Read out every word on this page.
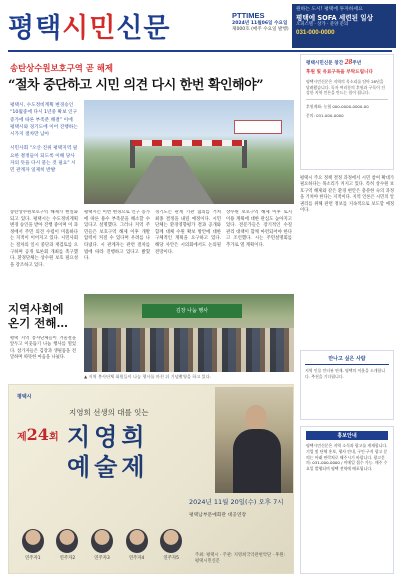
평택시민신문	PTTIMES
2024년 11월06일 수요일
제000호 (매주 수요일 발행)
원하는 도시! 평택에 투자하세요
평택에 SOFA 세련된 일상
오피스텔 · 상가 · 분양 문의
031-000-0000
송탄상수원보호구역 곧 해제
“절차 중단하고 시민 의견 다시 한번 확인해야”

평택시, 수도정비계획 변경승인 “10월중에 다시 1년중 확보 인구증가에 따른 부족분 해결” 이에 평택시와 경기도에 이어 진행하는 시가지 절차만 남아

시민사회 “오산·진위 평택지역 필요한 결정들이 되도록 이해 당사자의 뜻을 다시 묻는 것 필요” 시민 관계자 일제히 반발

송탄상수원보호구역 해제가 현실화되고 있다. 평택시는 수도정비계획 변경 승인을 받아 진행 중이며 이 과정에서 주민 의견 수렴이 미흡하다는 지적이 이어지고 있다. 시민사회는 절차의 일시 중단과 재검토를 요구하며 공개 토론회 개최를 촉구했다. 환경단체는 상수원 보호 필요성을 강조하고 있다.
평택시는 이번 변경으로 인구 증가에 따른 용수 부족분을 해소할 수 있다고 설명했다. 그러나 지역 주민들은 보호구역 해제 이후 개발 압력이 커질 수 있다며 우려를 나타냈다. 시 관계자는 관련 절차를 법에 따라 진행하고 있다고 밝혔다.
경기도는 관계 기관 협의를 거쳐 최종 결정을 내릴 예정이다. 시민단체는 환경영향평가 결과 공개와 함께 대체 수원 확보 방안에 대한 구체적인 계획을 요구하고 있다. 해당 사안은 시의회에서도 논의될 전망이다.
상수원 보호구역 해제 이후 토지 이용 계획에 대한 관심도 높아지고 있다. 전문가들은 장기적인 수질 관리 대책이 함께 마련되어야 한다고 조언했다. 시는 주민설명회를 추가로 열 계획이다.
평택시민신문 창간 28주년
후원 및 유료구독을 부탁드립니다
평택시민신문은 지역의 목소리를 담아 28년을 달려왔습니다. 독자 여러분의 후원과 구독이 건강한 지역 언론을 만드는 힘이 됩니다.
후원계좌: 농협 000-0000-0000-00
문의: 031-000-0000
평택시 주요 정책 결정 과정에서 시민 참여 확대가 필요하다는 목소리가 커지고 있다. 특히 상수원 보호구역 해제와 같은 환경 현안은 충분한 숙의 과정을 거쳐야 한다는 지적이다. 지역 언론은 시민의 알 권리를 위해 관련 정보를 지속적으로 보도할 예정이다.
지역사회에 온기 전해…
평택 지역 봉사단체들이 겨울철을 앞두고 이웃돕기 나눔 행사를 열었다. 참가자들은 김장과 생필품을 전달하며 따뜻한 마음을 나눴다.
김장 나눔 행사
▲ 지역 봉사단체 회원들이 나눔 행사를 마친 뒤 기념촬영을 하고 있다.
만나고 싶은 사람
지역 인물 인터뷰 연재. 평택의 이웃을 소개합니다. 추천을 기다립니다.
평택시
지영희 선생의 대를 잇는
제24회 지영희
예술제
2024년 11월 20일(수) 오후 7시
평택남부문예회관 대공연장
연주자1	연주자2	연주자3	연주자4	연주자5
주최: 평택시 · 주관: 지영희국악관현악단 · 후원: 평택시민신문
홍보안내
평택시민신문은 지역 소식과 광고를 게재합니다. 기업 및 단체 홍보, 행사 안내, 구인·구직 광고 문의는 아래 연락처로 해주시기 바랍니다. 광고문의: 031-000-0000 / 이메일 접수 가능. 매주 수요일 발행되며 평택 전역에 배포됩니다.
